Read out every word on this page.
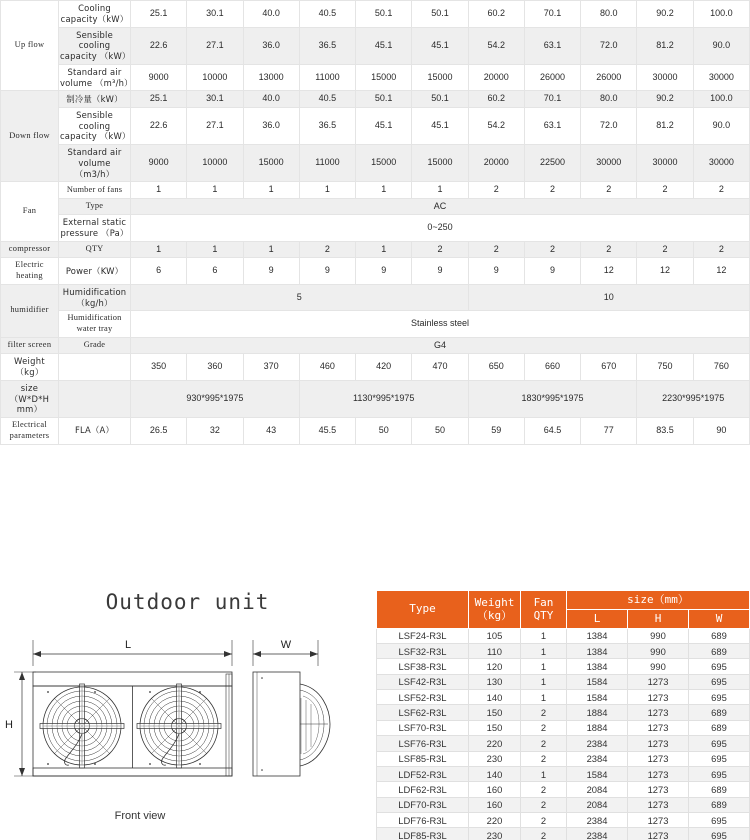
Up flow	Cooling capacity（kW）	25.1	30.1	40.0	40.5	50.1	50.1	60.2	70.1	80.0	90.2	100.0
	Sensible cooling capacity （kW）	22.6	27.1	36.0	36.5	45.1	45.1	54.2	63.1	72.0	81.2	90.0
	Standard air volume （m³/h）	9000	10000	13000	11000	15000	15000	20000	26000	26000	30000	30000
Down flow	制冷量（kW）	25.1	30.1	40.0	40.5	50.1	50.1	60.2	70.1	80.0	90.2	100.0
	Sensible cooling capacity （kW）	22.6	27.1	36.0	36.5	45.1	45.1	54.2	63.1	72.0	81.2	90.0
	Standard air volume （m3/h）	9000	10000	15000	11000	15000	15000	20000	22500	30000	30000	30000
Fan	Number of fans	1	1	1	1	1	1	2	2	2	2	2
	Type	AC										
	External static pressure （Pa）	0~250										
compressor	QTY	1	1	1	2	1	2	2	2	2	2	2
Electric heating	Power（KW）	6	6	9	9	9	9	9	9	12	12	12
humidifier	Humidification （kg/h）	5						10				
	Humidification water tray	Stainless steel										
filter screen	Grade	G4										
Weight （kg）		350	360	370	460	420	470	650	660	670	750	760
size （W*D*H mm）		930*995*1975			1130*995*1975			1830*995*1975			2230*995*1975	
Electrical parameters	FLA（A）	26.5	32	43	45.5	50	50	59	64.5	77	83.5	90
Outdoor unit
L
H
W
Front view
Type	
Weight
（kg）

Fan
QTY
	size（mm）
			L	H	W
LSF24-R3L	105	1	1384	990	689
LSF32-R3L	110	1	1384	990	689
LSF38-R3L	120	1	1384	990	695
LSF42-R3L	130	1	1584	1273	695
LSF52-R3L	140	1	1584	1273	695
LSF62-R3L	150	2	1884	1273	689
LSF70-R3L	150	2	1884	1273	689
LSF76-R3L	220	2	2384	1273	695
LSF85-R3L	230	2	2384	1273	695
LDF52-R3L	140	1	1584	1273	695
LDF62-R3L	160	2	2084	1273	689
LDF70-R3L	160	2	2084	1273	689
LDF76-R3L	220	2	2384	1273	695
LDF85-R3L	230	2	2384	1273	695
